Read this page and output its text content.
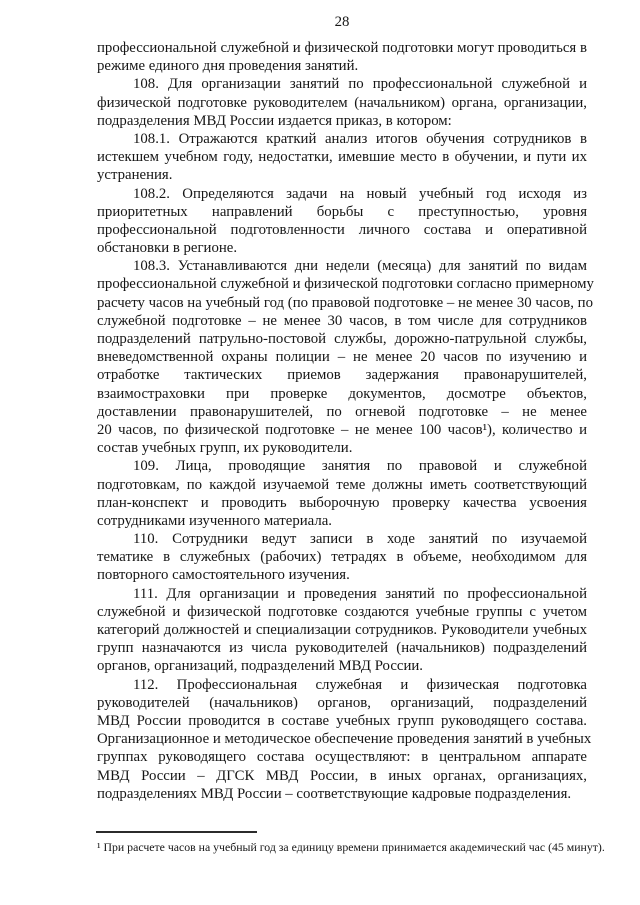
28
профессиональной служебной и физической подготовки могут проводиться в
режиме единого дня проведения занятий.
108. Для организации занятий по профессиональной служебной и
физической подготовке руководителем (начальником) органа, организации,
подразделения МВД России издается приказ, в котором:
108.1. Отражаются краткий анализ итогов обучения сотрудников в
истекшем учебном году, недостатки, имевшие место в обучении, и пути их
устранения.
108.2. Определяются задачи на новый учебный год исходя из
приоритетных направлений борьбы с преступностью, уровня
профессиональной подготовленности личного состава и оперативной
обстановки в регионе.
108.3. Устанавливаются дни недели (месяца) для занятий по видам
профессиональной служебной и физической подготовки согласно примерному
расчету часов на учебный год (по правовой подготовке – не менее 30 часов, по
служебной подготовке – не менее 30 часов, в том числе для сотрудников
подразделений патрульно-постовой службы, дорожно-патрульной службы,
вневедомственной охраны полиции – не менее 20 часов по изучению и
отработке тактических приемов задержания правонарушителей,
взаимостраховки при проверке документов, досмотре объектов,
доставлении правонарушителей, по огневой подготовке – не менее
20 часов, по физической подготовке – не менее 100 часов¹), количество и
состав учебных групп, их руководители.
109. Лица, проводящие занятия по правовой и служебной
подготовкам, по каждой изучаемой теме должны иметь соответствующий
план-конспект и проводить выборочную проверку качества усвоения
сотрудниками изученного материала.
110. Сотрудники ведут записи в ходе занятий по изучаемой
тематике в служебных (рабочих) тетрадях в объеме, необходимом для
повторного самостоятельного изучения.
111. Для организации и проведения занятий по профессиональной
служебной и физической подготовке создаются учебные группы с учетом
категорий должностей и специализации сотрудников. Руководители учебных
групп назначаются из числа руководителей (начальников) подразделений
органов, организаций, подразделений МВД России.
112. Профессиональная служебная и физическая подготовка
руководителей (начальников) органов, организаций, подразделений
МВД России проводится в составе учебных групп руководящего состава.
Организационное и методическое обеспечение проведения занятий в учебных
группах руководящего состава осуществляют: в центральном аппарате
МВД России – ДГСК МВД России, в иных органах, организациях,
подразделениях МВД России – соответствующие кадровые подразделения.
¹ При расчете часов на учебный год за единицу времени принимается академический час (45 минут).
